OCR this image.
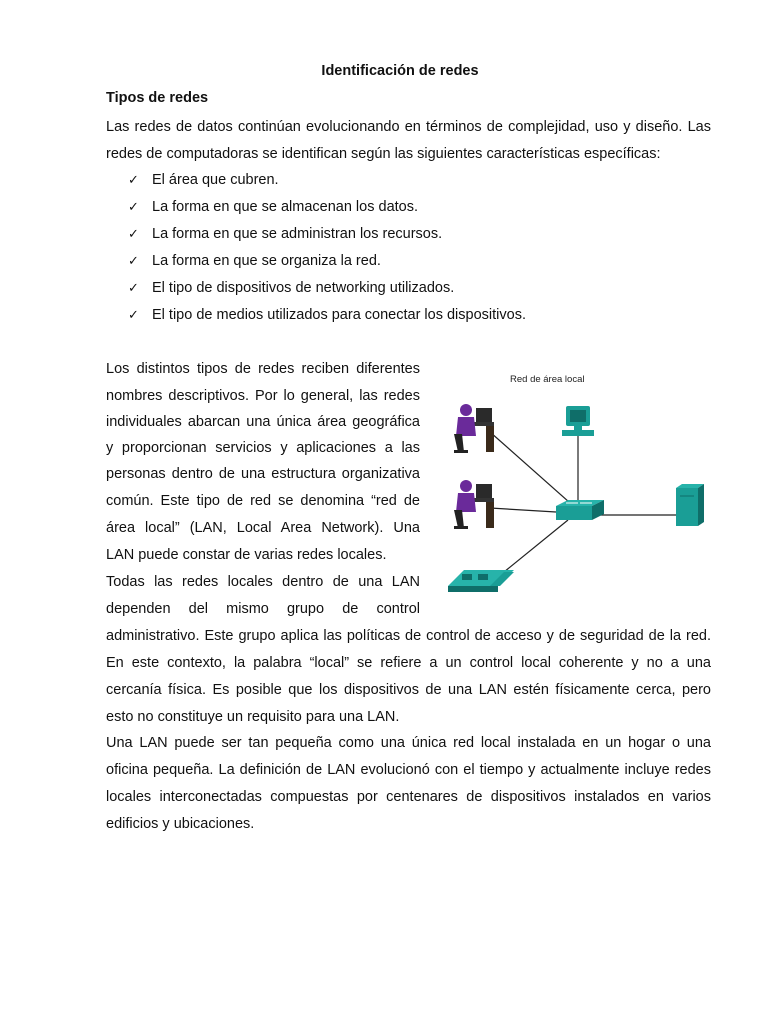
Identificación de redes
Tipos de redes
Las redes de datos continúan evolucionando en términos de complejidad, uso y diseño. Las
redes de computadoras se identifican según las siguientes características específicas:
✓ El área que cubren.
✓ La forma en que se almacenan los datos.
✓ La forma en que se administran los recursos.
✓ La forma en que se organiza la red.
✓ El tipo de dispositivos de networking utilizados.
✓ El tipo de medios utilizados para conectar los dispositivos.
Los distintos tipos de redes reciben diferentes
nombres descriptivos. Por lo general, las redes
individuales abarcan una única área geográfica
y proporcionan servicios y aplicaciones a las
personas dentro de una estructura organizativa
común. Este tipo de red se denomina “red de
área local” (LAN, Local Area Network). Una
LAN puede constar de varias redes locales.
Todas las redes locales dentro de una LAN
dependen del mismo grupo de control
administrativo. Este grupo aplica las políticas de control de acceso y de seguridad de la red.
En este contexto, la palabra “local” se refiere a un control local coherente y no a una
cercanía física. Es posible que los dispositivos de una LAN estén físicamente cerca, pero
esto no constituye un requisito para una LAN.
Una LAN puede ser tan pequeña como una única red local instalada en un hogar o una
oficina pequeña. La definición de LAN evolucionó con el tiempo y actualmente incluye redes
locales interconectadas compuestas por centenares de dispositivos instalados en varios
edificios y ubicaciones.
Red de área local
